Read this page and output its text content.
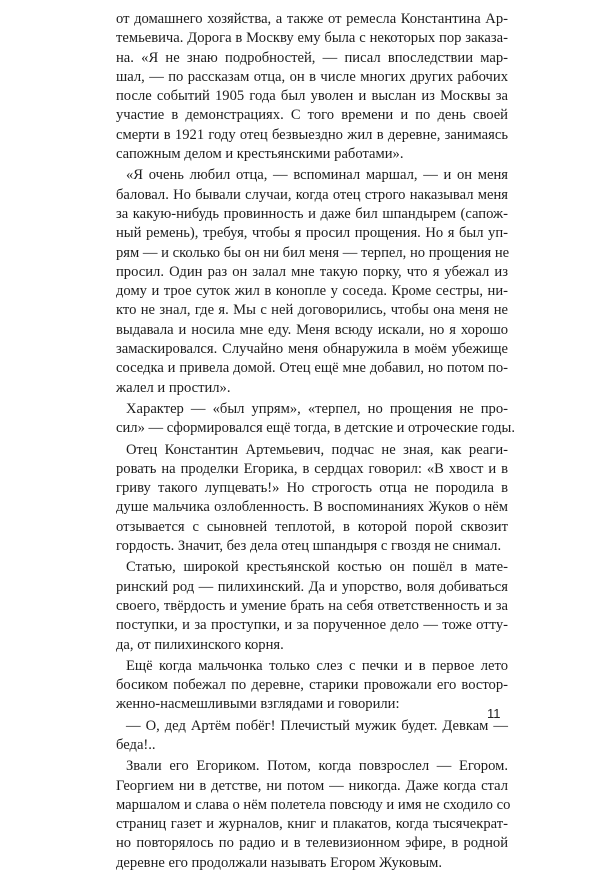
от домашнего хозяйства, а также от ремесла Константина Ар-
темьевича. Дорога в Москву ему была с некоторых пор заказа-
на. «Я не знаю подробностей, — писал впоследствии мар-
шал, — по рассказам отца, он в числе многих других рабочих
после событий 1905 года был уволен и выслан из Москвы за
участие в демонстрациях. С того времени и по день своей
смерти в 1921 году отец безвыездно жил в деревне, занимаясь
сапожным делом и крестьянскими работами».
«Я очень любил отца, — вспоминал маршал, — и он меня
баловал. Но бывали случаи, когда отец строго наказывал меня
за какую-нибудь провинность и даже бил шпандырем (сапож-
ный ремень), требуя, чтобы я просил прощения. Но я был уп-
рям — и сколько бы он ни бил меня — терпел, но прощения не
просил. Один раз он залал мне такую порку, что я убежал из
дому и трое суток жил в конопле у соседа. Кроме сестры, ни-
кто не знал, где я. Мы с ней договорились, чтобы она меня не
выдавала и носила мне еду. Меня всюду искали, но я хорошо
замаскировался. Случайно меня обнаружила в моём убежище
соседка и привела домой. Отец ещё мне добавил, но потом по-
жалел и простил».
Характер — «был упрям», «терпел, но прощения не про-
сил» — сформировался ещё тогда, в детские и отроческие годы.
Отец Константин Артемьевич, подчас не зная, как реаги-
ровать на проделки Егорика, в сердцах говорил: «В хвост и в
гриву такого лупцевать!» Но строгость отца не породила в
душе мальчика озлобленность. В воспоминаниях Жуков о нём
отзывается с сыновней теплотой, в которой порой сквозит
гордость. Значит, без дела отец шпандыря с гвоздя не снимал.
Статью, широкой крестьянской костью он пошёл в мате-
ринский род — пилихинский. Да и упорство, воля добиваться
своего, твёрдость и умение брать на себя ответственность и за
поступки, и за проступки, и за порученное дело — тоже отту-
да, от пилихинского корня.
Ещё когда мальчонка только слез с печки и в первое лето
босиком побежал по деревне, старики провожали его востор-
женно-насмешливыми взглядами и говорили:
— О, дед Артём побёг! Плечистый мужик будет. Девкам —
беда!..
Звали его Егориком. Потом, когда повзрослел — Егором.
Георгием ни в детстве, ни потом — никогда. Даже когда стал
маршалом и слава о нём полетела повсюду и имя не сходило со
страниц газет и журналов, книг и плакатов, когда тысячекрат-
но повторялось по радио и в телевизионном эфире, в родной
деревне его продолжали называть Егором Жуковым.
11
